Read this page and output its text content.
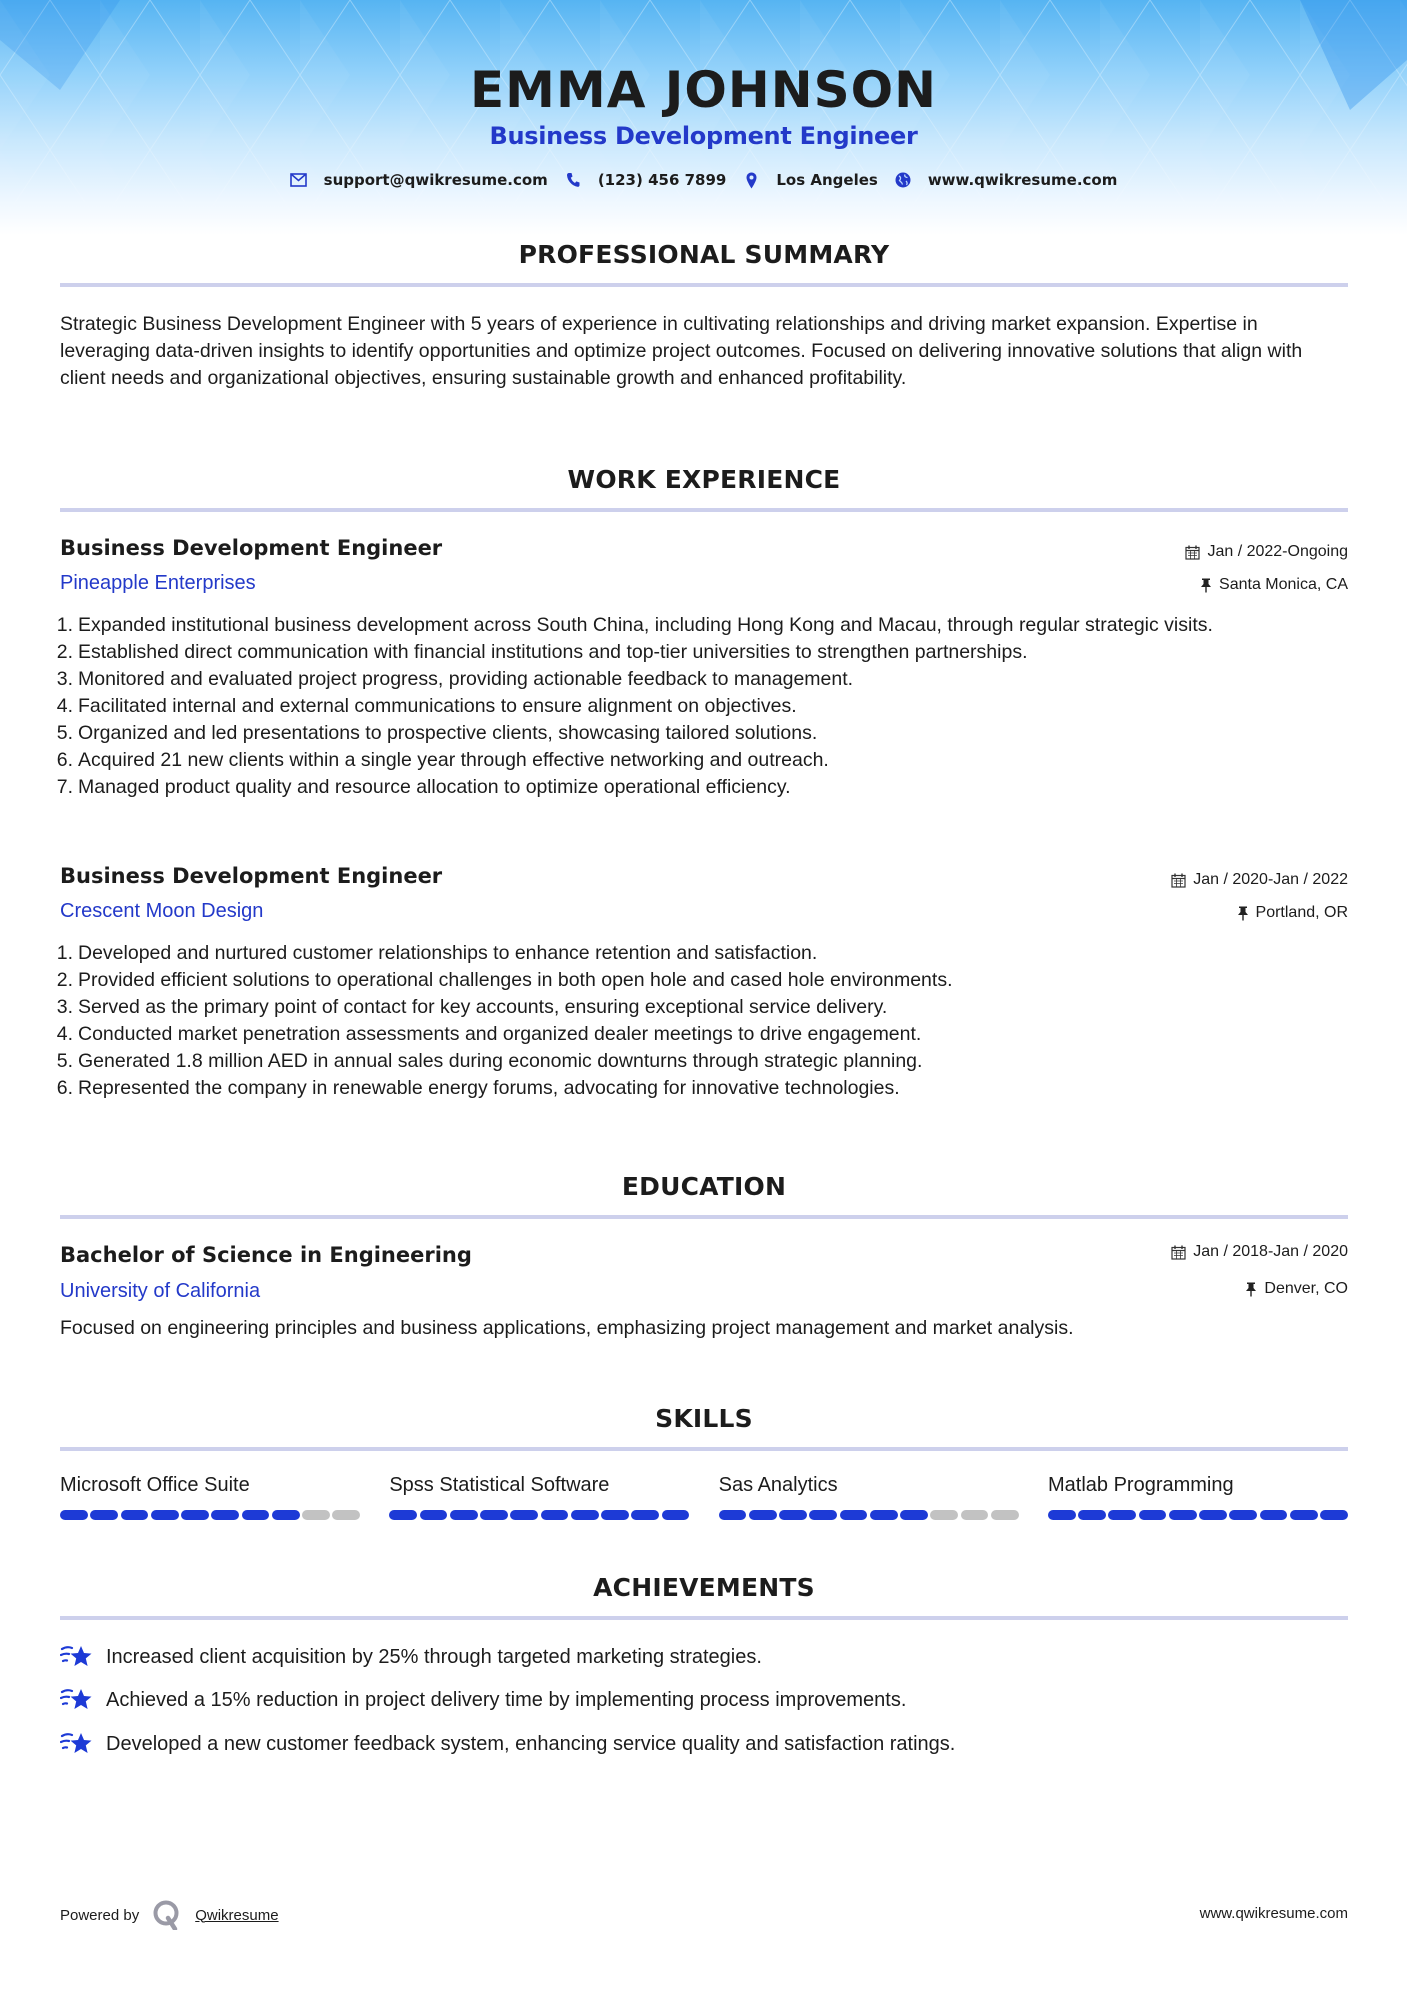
EMMA JOHNSON
Business Development Engineer
support@qwikresume.com	(123) 456 7899	Los Angeles	www.qwikresume.com
PROFESSIONAL SUMMARY
Strategic Business Development Engineer with 5 years of experience in cultivating relationships and driving market expansion. Expertise in leveraging data-driven insights to identify opportunities and optimize project outcomes. Focused on delivering innovative solutions that align with client needs and organizational objectives, ensuring sustainable growth and enhanced profitability.
WORK EXPERIENCE
Business Development Engineer	Jan / 2022-Ongoing
Pineapple Enterprises	Santa Monica, CA
1. Expanded institutional business development across South China, including Hong Kong and Macau, through regular strategic visits.
2. Established direct communication with financial institutions and top-tier universities to strengthen partnerships.
3. Monitored and evaluated project progress, providing actionable feedback to management.
4. Facilitated internal and external communications to ensure alignment on objectives.
5. Organized and led presentations to prospective clients, showcasing tailored solutions.
6. Acquired 21 new clients within a single year through effective networking and outreach.
7. Managed product quality and resource allocation to optimize operational efficiency.
Business Development Engineer	Jan / 2020-Jan / 2022
Crescent Moon Design	Portland, OR
1. Developed and nurtured customer relationships to enhance retention and satisfaction.
2. Provided efficient solutions to operational challenges in both open hole and cased hole environments.
3. Served as the primary point of contact for key accounts, ensuring exceptional service delivery.
4. Conducted market penetration assessments and organized dealer meetings to drive engagement.
5. Generated 1.8 million AED in annual sales during economic downturns through strategic planning.
6. Represented the company in renewable energy forums, advocating for innovative technologies.
EDUCATION
Bachelor of Science in Engineering	Jan / 2018-Jan / 2020
University of California	Denver, CO
Focused on engineering principles and business applications, emphasizing project management and market analysis.
SKILLS
Microsoft Office Suite	Spss Statistical Software	Sas Analytics	Matlab Programming
ACHIEVEMENTS
Increased client acquisition by 25% through targeted marketing strategies.
Achieved a 15% reduction in project delivery time by implementing process improvements.
Developed a new customer feedback system, enhancing service quality and satisfaction ratings.
Powered by	Qwikresume	www.qwikresume.com
